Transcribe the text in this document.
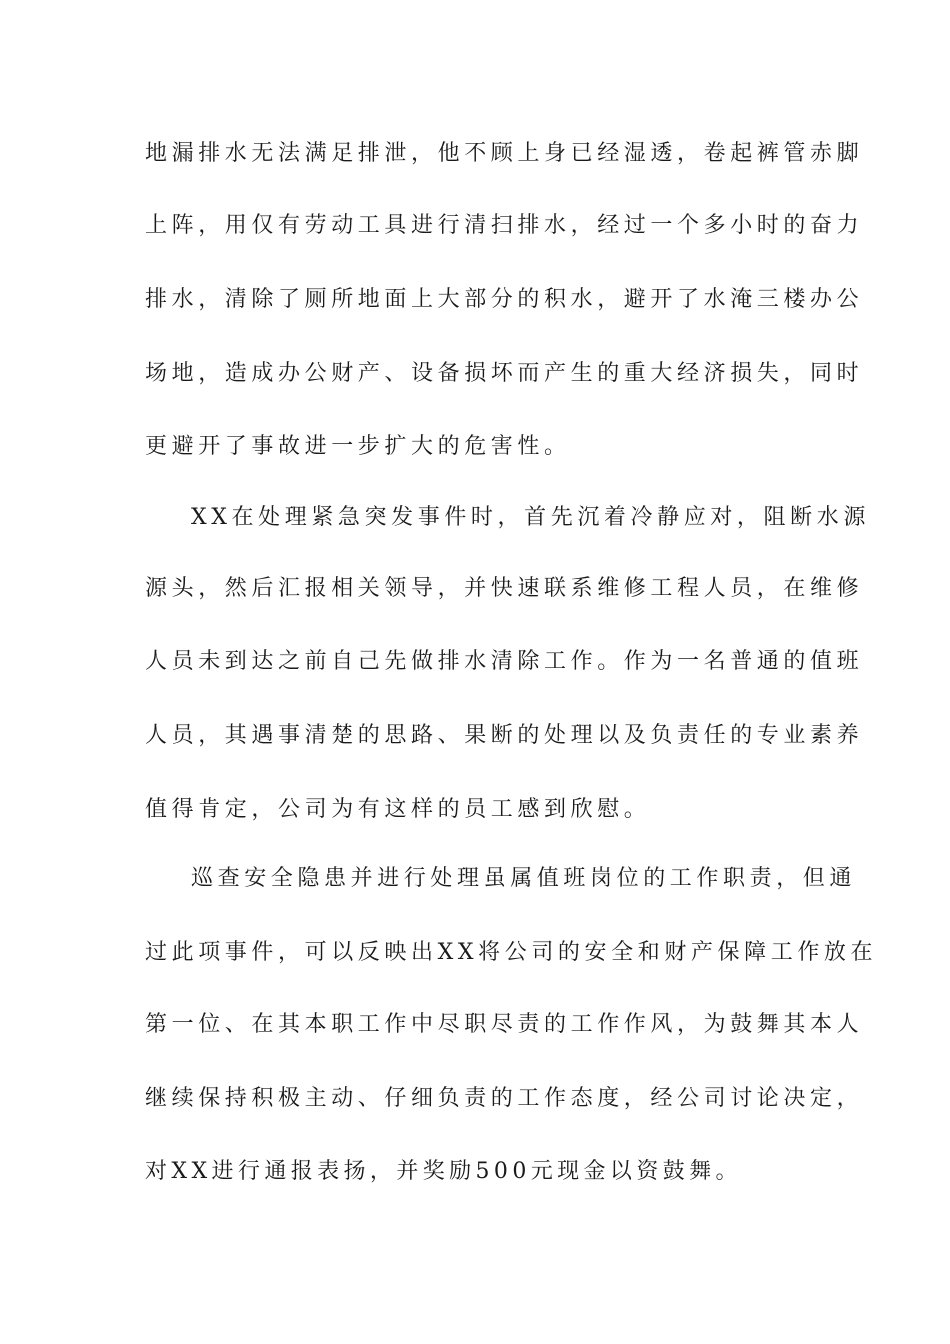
地漏排水无法满足排泄，他不顾上身已经湿透，卷起裤管赤脚
上阵，用仅有劳动工具进行清扫排水，经过一个多小时的奋力
排水，清除了厕所地面上大部分的积水，避开了水淹三楼办公
场地，造成办公财产、设备损坏而产生的重大经济损失，同时
更避开了事故进一步扩大的危害性。
XX在处理紧急突发事件时，首先沉着冷静应对，阻断水源
源头，然后汇报相关领导，并快速联系维修工程人员，在维修
人员未到达之前自己先做排水清除工作。作为一名普通的值班
人员，其遇事清楚的思路、果断的处理以及负责任的专业素养
值得肯定，公司为有这样的员工感到欣慰。
巡查安全隐患并进行处理虽属值班岗位的工作职责，但通
过此项事件，可以反映出XX将公司的安全和财产保障工作放在
第一位、在其本职工作中尽职尽责的工作作风，为鼓舞其本人
继续保持积极主动、仔细负责的工作态度，经公司讨论决定，
对XX进行通报表扬，并奖励500元现金以资鼓舞。
